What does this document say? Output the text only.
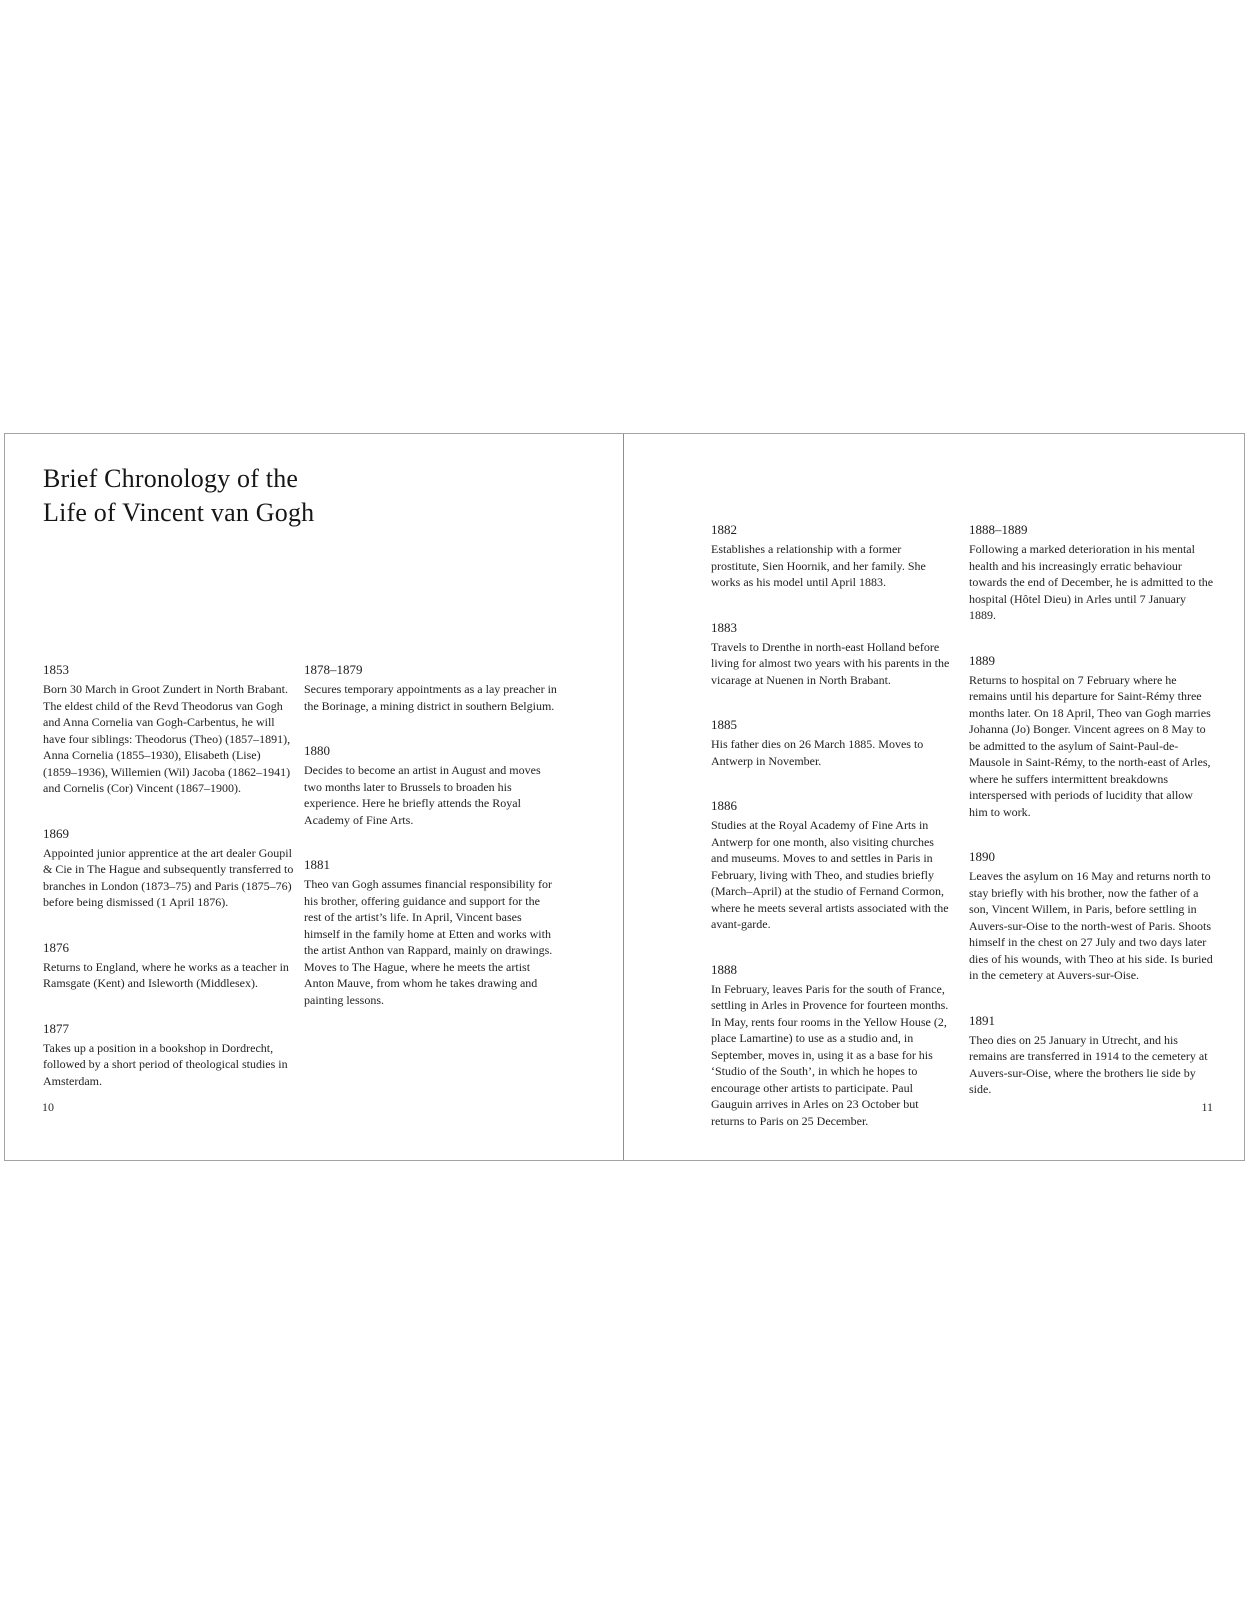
Brief Chronology of the
Life of Vincent van Gogh
1853
Born 30 March in Groot Zundert in North Brabant. The eldest child of the Revd Theodorus van Gogh and Anna Cornelia van Gogh-Carbentus, he will have four siblings: Theodorus (Theo) (1857–1891), Anna Cornelia (1855–1930), Elisabeth (Lise) (1859–1936), Willemien (Wil) Jacoba (1862–1941) and Cornelis (Cor) Vincent (1867–1900).
1869
Appointed junior apprentice at the art dealer Goupil & Cie in The Hague and subsequently transferred to branches in London (1873–75) and Paris (1875–76) before being dismissed (1 April 1876).
1876
Returns to England, where he works as a teacher in Ramsgate (Kent) and Isleworth (Middlesex).
1877
Takes up a position in a bookshop in Dordrecht, followed by a short period of theological studies in Amsterdam.
1878–1879
Secures temporary appointments as a lay preacher in the Borinage, a mining district in southern Belgium.
1880
Decides to become an artist in August and moves two months later to Brussels to broaden his experience. Here he briefly attends the Royal Academy of Fine Arts.
1881
Theo van Gogh assumes financial responsibility for his brother, offering guidance and support for the rest of the artist’s life. In April, Vincent bases himself in the family home at Etten and works with the artist Anthon van Rappard, mainly on drawings. Moves to The Hague, where he meets the artist Anton Mauve, from whom he takes drawing and painting lessons.
10
1882
Establishes a relationship with a former prostitute, Sien Hoornik, and her family. She works as his model until April 1883.
1883
Travels to Drenthe in north-east Holland before living for almost two years with his parents in the vicarage at Nuenen in North Brabant.
1885
His father dies on 26 March 1885. Moves to Antwerp in November.
1886
Studies at the Royal Academy of Fine Arts in Antwerp for one month, also visiting churches and museums. Moves to and settles in Paris in February, living with Theo, and studies briefly (March–April) at the studio of Fernand Cormon, where he meets several artists associated with the avant-garde.
1888
In February, leaves Paris for the south of France, settling in Arles in Provence for fourteen months. In May, rents four rooms in the Yellow House (2, place Lamartine) to use as a studio and, in September, moves in, using it as a base for his ‘Studio of the South’, in which he hopes to encourage other artists to participate. Paul Gauguin arrives in Arles on 23 October but returns to Paris on 25 December.
1888–1889
Following a marked deterioration in his mental health and his increasingly erratic behaviour towards the end of December, he is admitted to the hospital (Hôtel Dieu) in Arles until 7 January 1889.
1889
Returns to hospital on 7 February where he remains until his departure for Saint-Rémy three months later. On 18 April, Theo van Gogh marries Johanna (Jo) Bonger. Vincent agrees on 8 May to be admitted to the asylum of Saint-Paul-de-Mausole in Saint-Rémy, to the north-east of Arles, where he suffers intermittent breakdowns interspersed with periods of lucidity that allow him to work.
1890
Leaves the asylum on 16 May and returns north to stay briefly with his brother, now the father of a son, Vincent Willem, in Paris, before settling in Auvers-sur-Oise to the north-west of Paris. Shoots himself in the chest on 27 July and two days later dies of his wounds, with Theo at his side. Is buried in the cemetery at Auvers-sur-Oise.
1891
Theo dies on 25 January in Utrecht, and his remains are transferred in 1914 to the cemetery at Auvers-sur-Oise, where the brothers lie side by side.
11
